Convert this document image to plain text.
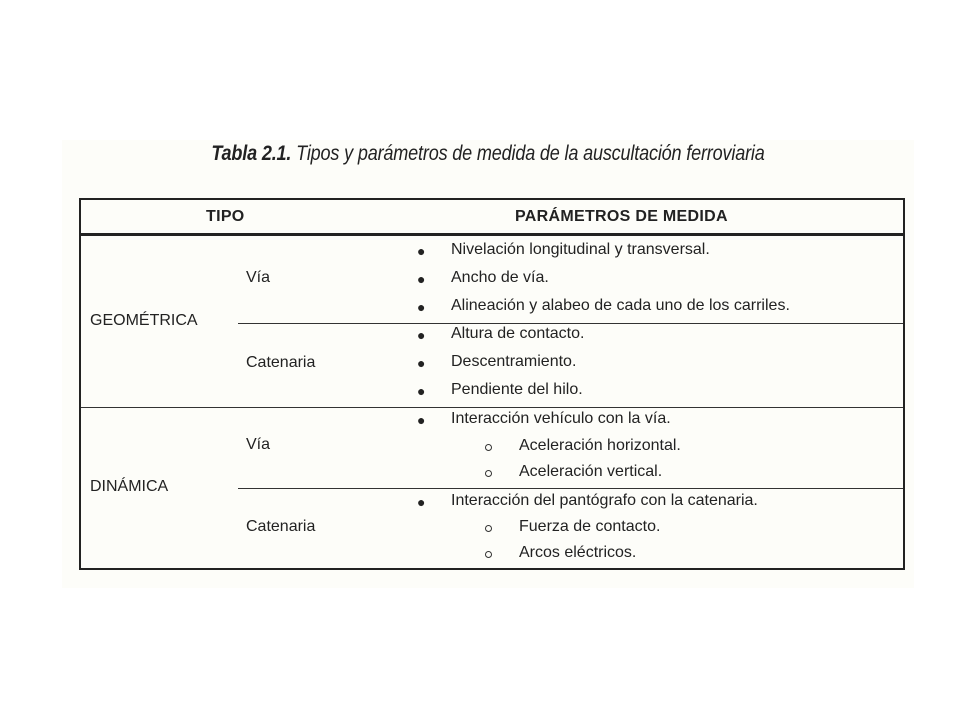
Tabla 2.1. Tipos y parámetros de medida de la auscultación ferroviaria
TIPO	PARÁMETROS DE MEDIDA
GEOMÉTRICA
Vía
● Nivelación longitudinal y transversal.
● Ancho de vía.
● Alineación y alabeo de cada uno de los carriles.
Catenaria
● Altura de contacto.
● Descentramiento.
● Pendiente del hilo.
DINÁMICA
Vía
● Interacción vehículo con la vía.
Aceleración horizontal.
Aceleración vertical.
Catenaria
● Interacción del pantógrafo con la catenaria.
Fuerza de contacto.
Arcos eléctricos.
